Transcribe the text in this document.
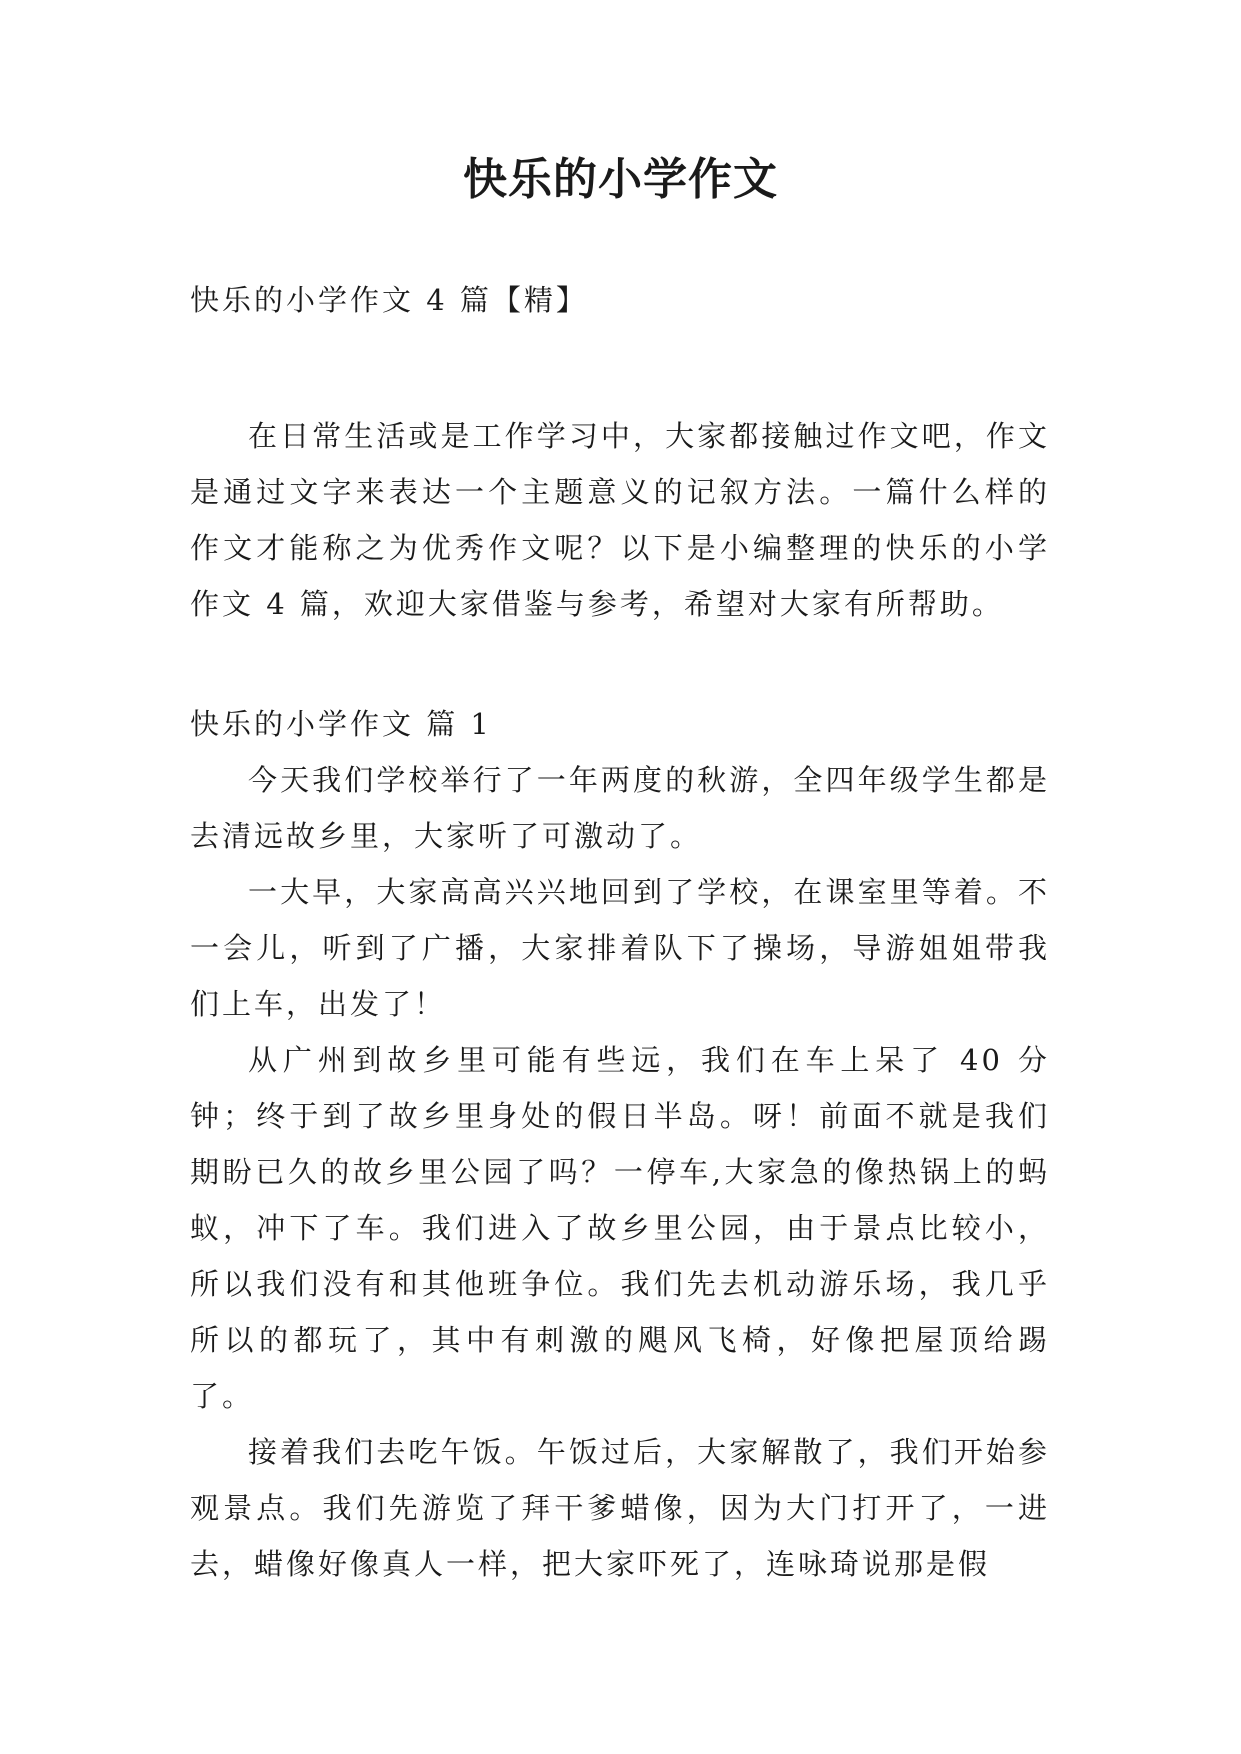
快乐的小学作文

快乐的小学作文 4 篇【精】

在日常生活或是工作学习中，大家都接触过作文吧，作文是通过文字来表达一个主题意义的记叙方法。一篇什么样的作文才能称之为优秀作文呢？以下是小编整理的快乐的小学作文 4 篇，欢迎大家借鉴与参考，希望对大家有所帮助。

快乐的小学作文 篇 1

今天我们学校举行了一年两度的秋游，全四年级学生都是去清远故乡里，大家听了可激动了。

一大早，大家高高兴兴地回到了学校，在课室里等着。不一会儿，听到了广播，大家排着队下了操场，导游姐姐带我们上车，出发了！

从广州到故乡里可能有些远，我们在车上呆了 40 分钟；终于到了故乡里身处的假日半岛。呀！前面不就是我们期盼已久的故乡里公园了吗？一停车,大家急的像热锅上的蚂蚁，冲下了车。我们进入了故乡里公园，由于景点比较小，所以我们没有和其他班争位。我们先去机动游乐场，我几乎所以的都玩了，其中有刺激的飓风飞椅，好像把屋顶给踢了。

接着我们去吃午饭。午饭过后，大家解散了，我们开始参观景点。我们先游览了拜干爹蜡像，因为大门打开了，一进去，蜡像好像真人一样，把大家吓死了，连咏琦说那是假
